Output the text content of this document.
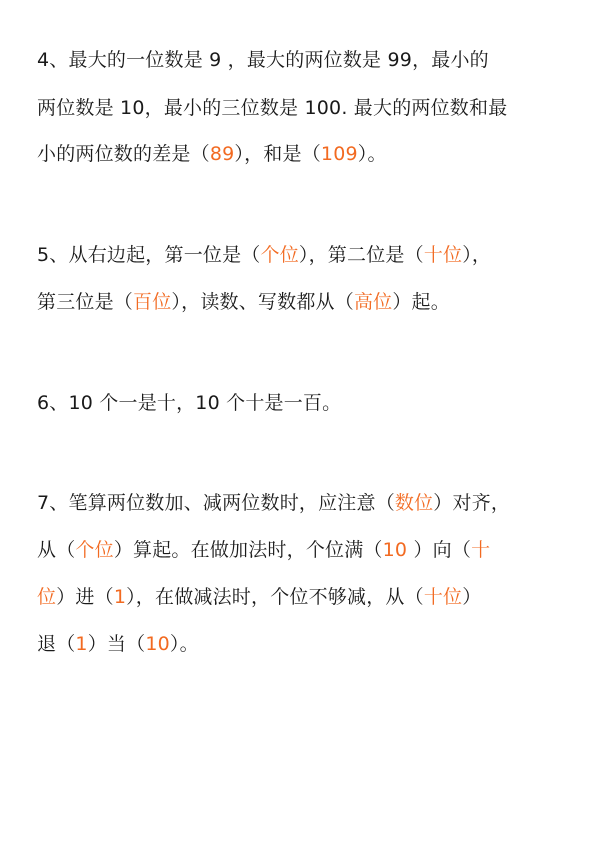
4、最大的一位数是 9 ，最大的两位数是 99，最小的
两位数是 10，最小的三位数是 100. 最大的两位数和最
小的两位数的差是（89），和是（109）。
5、从右边起，第一位是（个位），第二位是（十位），
第三位是（百位），读数、写数都从（高位）起。
6、10 个一是十，10 个十是一百。
7、笔算两位数加、减两位数时，应注意（数位）对齐，
从（个位）算起。在做加法时，个位满（10 ）向（十
位）进（1），在做减法时，个位不够减，从（十位）
退（1）当（10）。
